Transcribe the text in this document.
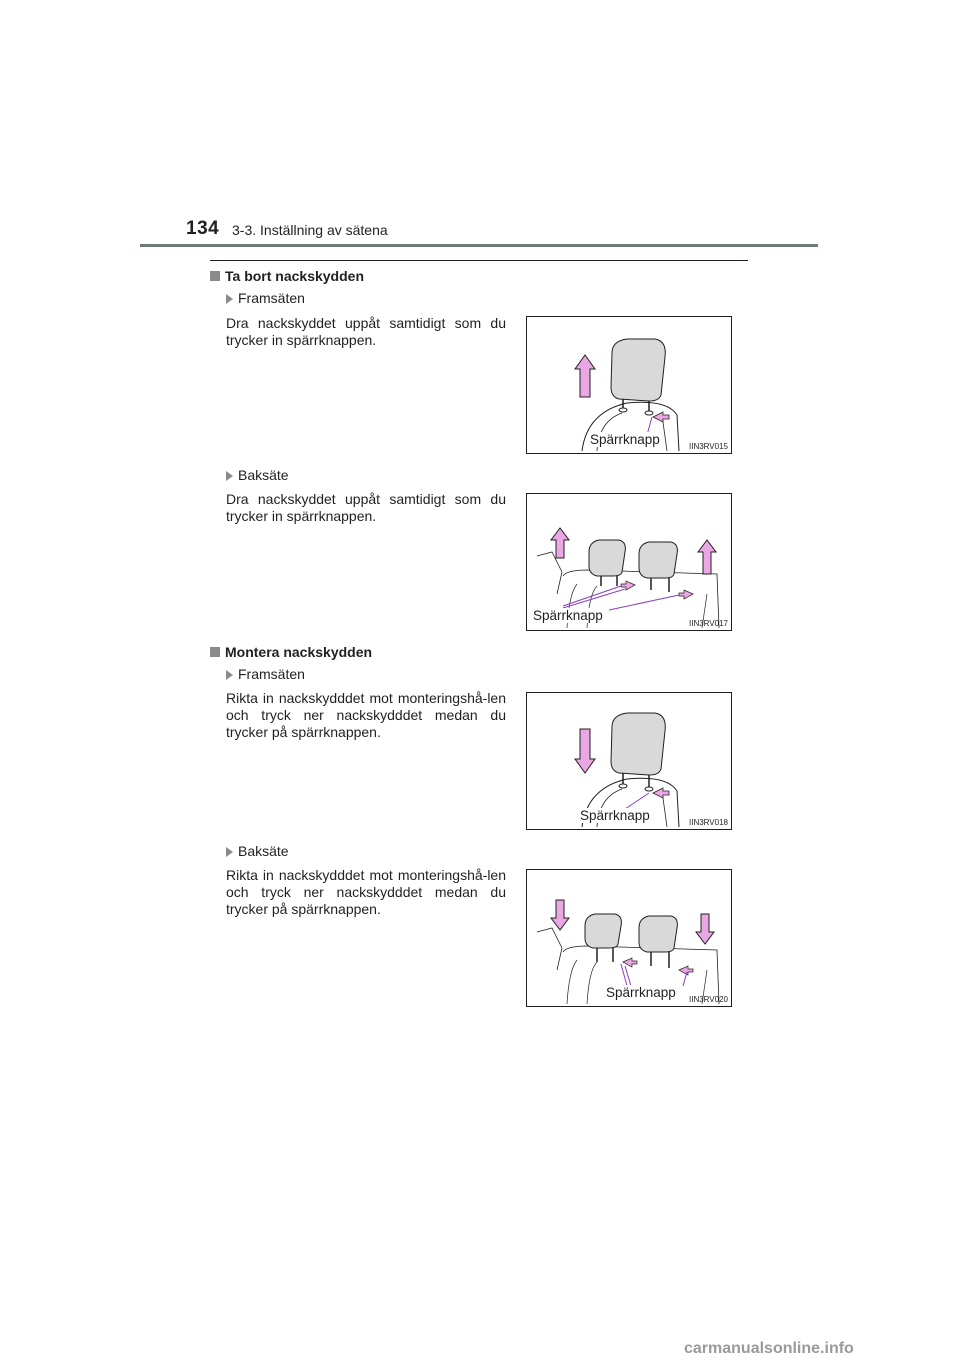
134 3-3. Inställning av sätena
Ta bort nackskydden
Framsäten
Dra nackskyddet uppåt samtidigt som du trycker in spärrknappen.
Spärrknapp	IIN3RV015
Baksäte
Dra nackskyddet uppåt samtidigt som du trycker in spärrknappen.
Spärrknapp
IIN3RV017
Montera nackskydden
Framsäten
Rikta in nackskydddet mot monteringshå-len och tryck ner nackskydddet medan du trycker på spärrknappen.
Spärrknapp	IIN3RV018
Baksäte
Rikta in nackskydddet mot monteringshå-len och tryck ner nackskydddet medan du trycker på spärrknappen.
Spärrknapp IIN3RV020
carmanualsonline.info
